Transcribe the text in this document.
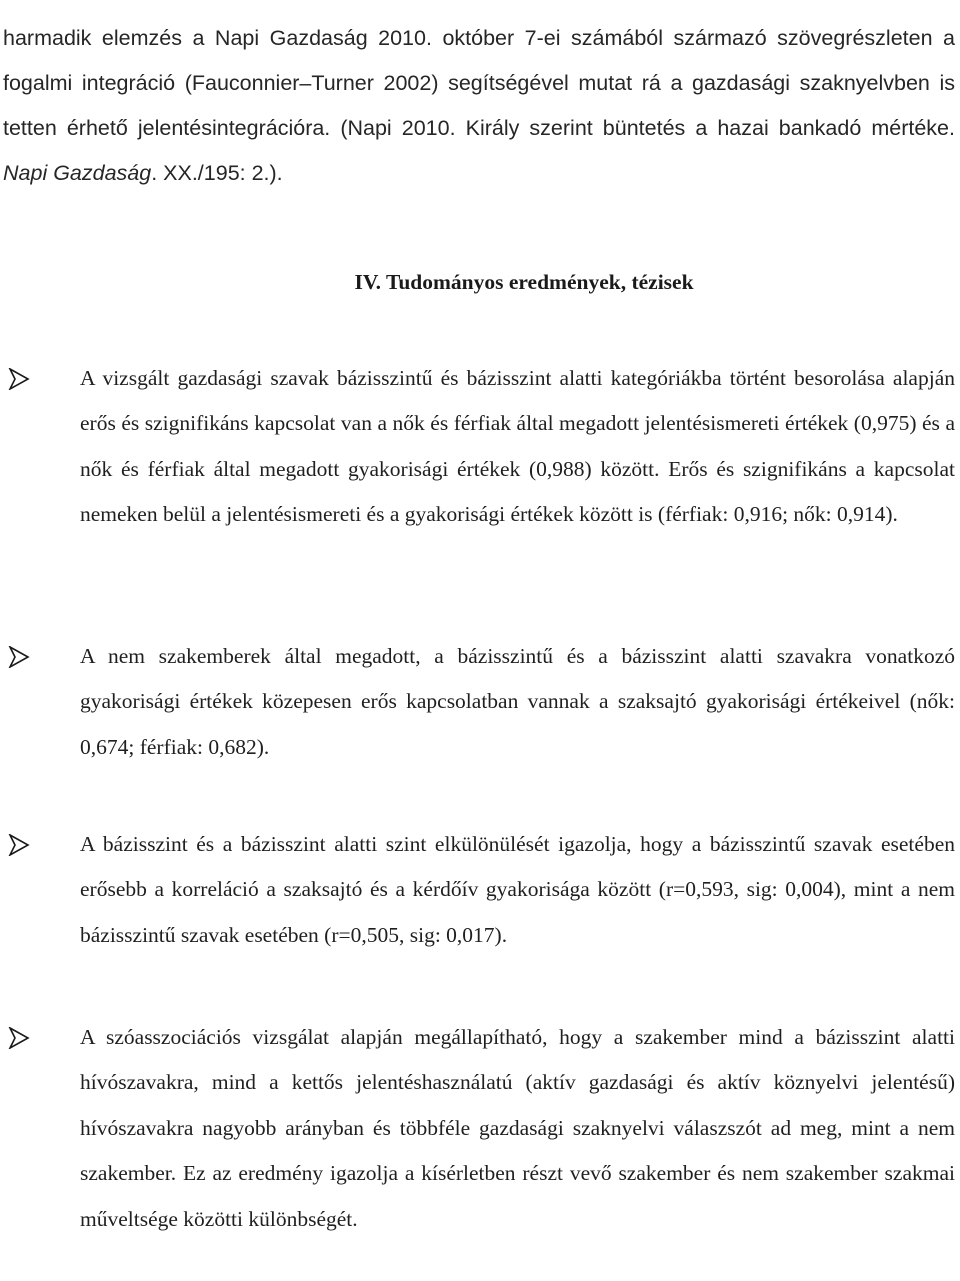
harmadik elemzés a Napi Gazdaság 2010. október 7-ei számából származó szövegrészleten a fogalmi integráció (Fauconnier–Turner 2002) segítségével mutat rá a gazdasági szaknyelvben is tetten érhető jelentésintegrációra. (Napi 2010. Király szerint büntetés a hazai bankadó mértéke. Napi Gazdaság. XX./195: 2.).

IV. Tudományos eredmények, tézisek
A vizsgált gazdasági szavak bázisszintű és bázisszint alatti kategóriákba történt besorolása alapján erős és szignifikáns kapcsolat van a nők és férfiak által megadott jelentésismereti értékek (0,975) és a nők és férfiak által megadott gyakorisági értékek (0,988) között. Erős és szignifikáns a kapcsolat nemeken belül a jelentésismereti és a gyakorisági értékek között is (férfiak: 0,916; nők: 0,914).
A nem szakemberek által megadott, a bázisszintű és a bázisszint alatti szavakra vonatkozó gyakorisági értékek közepesen erős kapcsolatban vannak a szaksajtó gyakorisági értékeivel (nők: 0,674; férfiak: 0,682).
A bázisszint és a bázisszint alatti szint elkülönülését igazolja, hogy a bázisszintű szavak esetében erősebb a korreláció a szaksajtó és a kérdőív gyakorisága között (r=0,593, sig: 0,004), mint a nem bázisszintű szavak esetében (r=0,505, sig: 0,017).
A szóasszociációs vizsgálat alapján megállapítható, hogy a szakember mind a bázisszint alatti hívószavakra, mind a kettős jelentéshasználatú (aktív gazdasági és aktív köznyelvi jelentésű) hívószavakra nagyobb arányban és többféle gazdasági szaknyelvi válaszszót ad meg, mint a nem szakember. Ez az eredmény igazolja a kísérletben részt vevő szakember és nem szakember szakmai műveltsége közötti különbségét.
